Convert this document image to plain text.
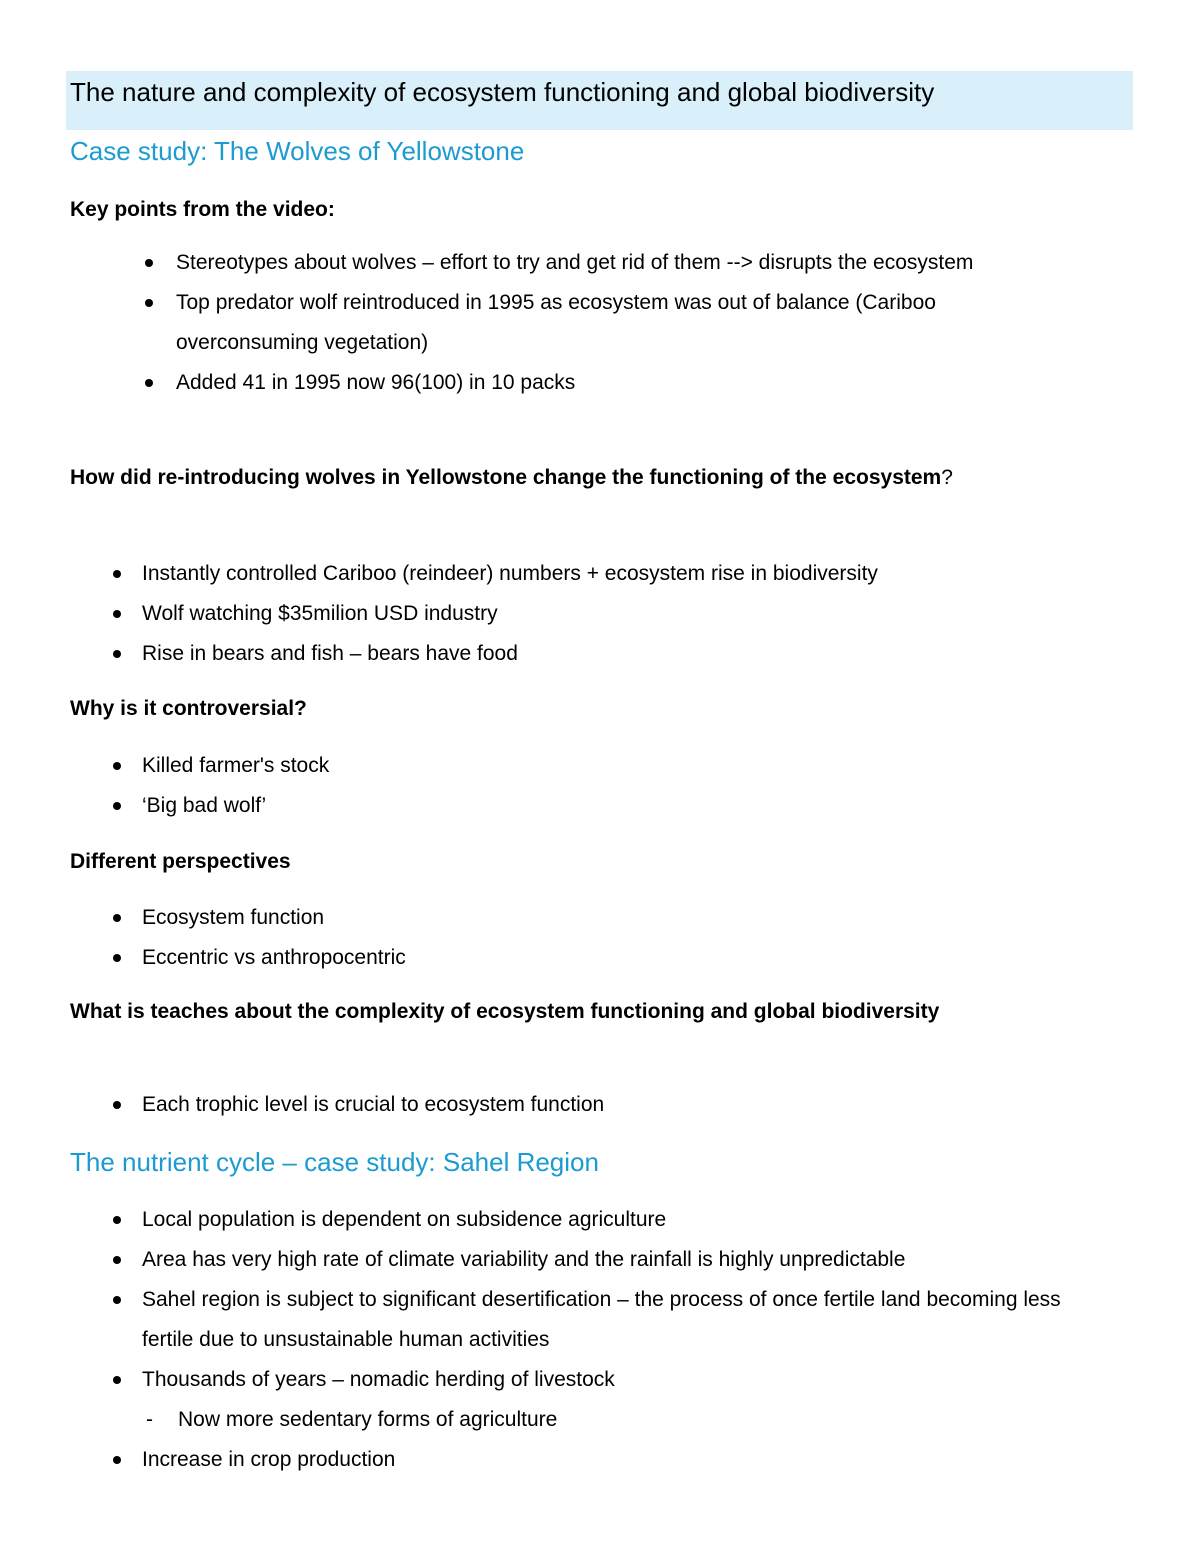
The nature and complexity of ecosystem functioning and global biodiversity
Case study: The Wolves of Yellowstone
Key points from the video:
Stereotypes about wolves – effort to try and get rid of them --> disrupts the ecosystem
Top predator wolf reintroduced in 1995 as ecosystem was out of balance (Cariboo overconsuming vegetation)
Added 41 in 1995 now 96(100) in 10 packs
How did re-introducing wolves in Yellowstone change the functioning of the ecosystem?
Instantly controlled Cariboo (reindeer) numbers + ecosystem rise in biodiversity
Wolf watching $35milion USD industry
Rise in bears and fish – bears have food
Why is it controversial?
Killed farmer's stock
‘Big bad wolf’
Different perspectives
Ecosystem function
Eccentric vs anthropocentric
What is teaches about the complexity of ecosystem functioning and global biodiversity
Each trophic level is crucial to ecosystem function
The nutrient cycle – case study: Sahel Region
Local population is dependent on subsidence agriculture
Area has very high rate of climate variability and the rainfall is highly unpredictable
Sahel region is subject to significant desertification – the process of once fertile land becoming less fertile due to unsustainable human activities
Thousands of years – nomadic herding of livestock
- Now more sedentary forms of agriculture
Increase in crop production
